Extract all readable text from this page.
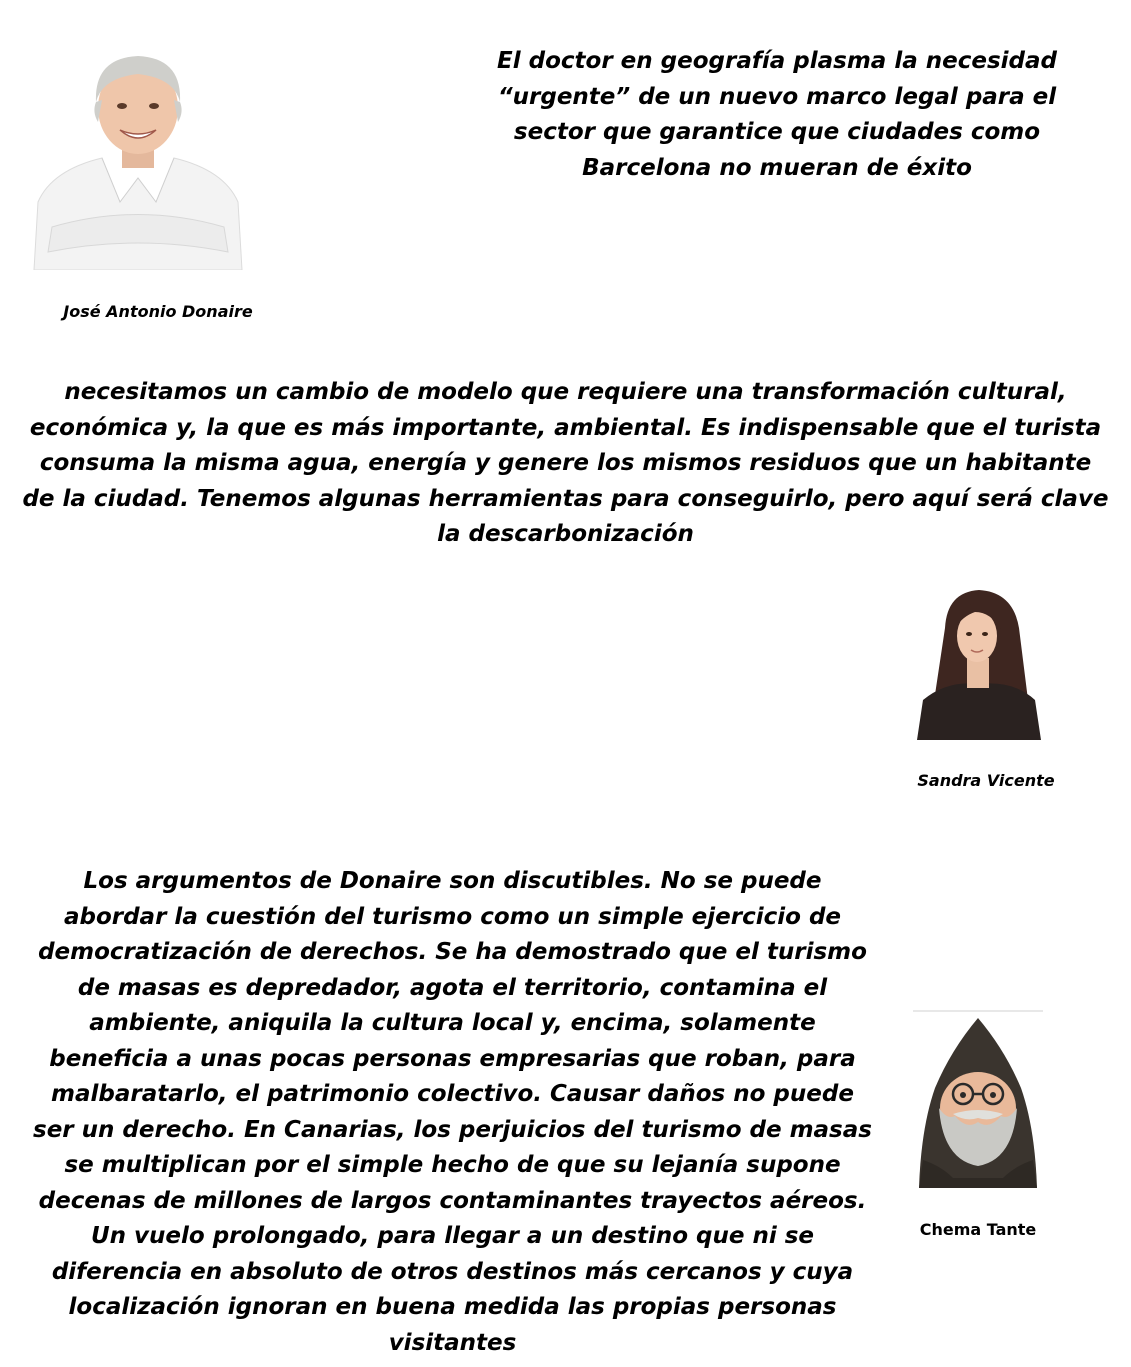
El doctor en geografía plasma la necesidad “urgente” de un nuevo marco legal para el sector que garantice que ciudades como Barcelona no mueran de éxito

José Antonio Donaire

necesitamos un cambio de modelo que requiere una transformación cultural, económica y, la que es más importante, ambiental. Es indispensable que el turista consuma la misma agua, energía y genere los mismos residuos que un habitante de la ciudad. Tenemos algunas herramientas para conseguirlo, pero aquí será clave la descarbonización

Sandra Vicente

Los argumentos de Donaire son discutibles. No se puede abordar la cuestión del turismo como un simple ejercicio de democratización de derechos. Se ha demostrado que el turismo de masas es depredador, agota el territorio, contamina el ambiente, aniquila la cultura local y, encima, solamente beneficia a unas pocas personas empresarias que roban, para malbaratarlo, el patrimonio colectivo. Causar daños no puede ser un derecho. En Canarias, los perjuicios del turismo de masas se multiplican por el simple hecho de que su lejanía supone decenas de millones de largos contaminantes trayectos aéreos. Un vuelo prolongado, para llegar a un destino que ni se diferencia en absoluto de otros destinos más cercanos y cuya localización ignoran en buena medida las propias personas visitantes

Chema Tante
